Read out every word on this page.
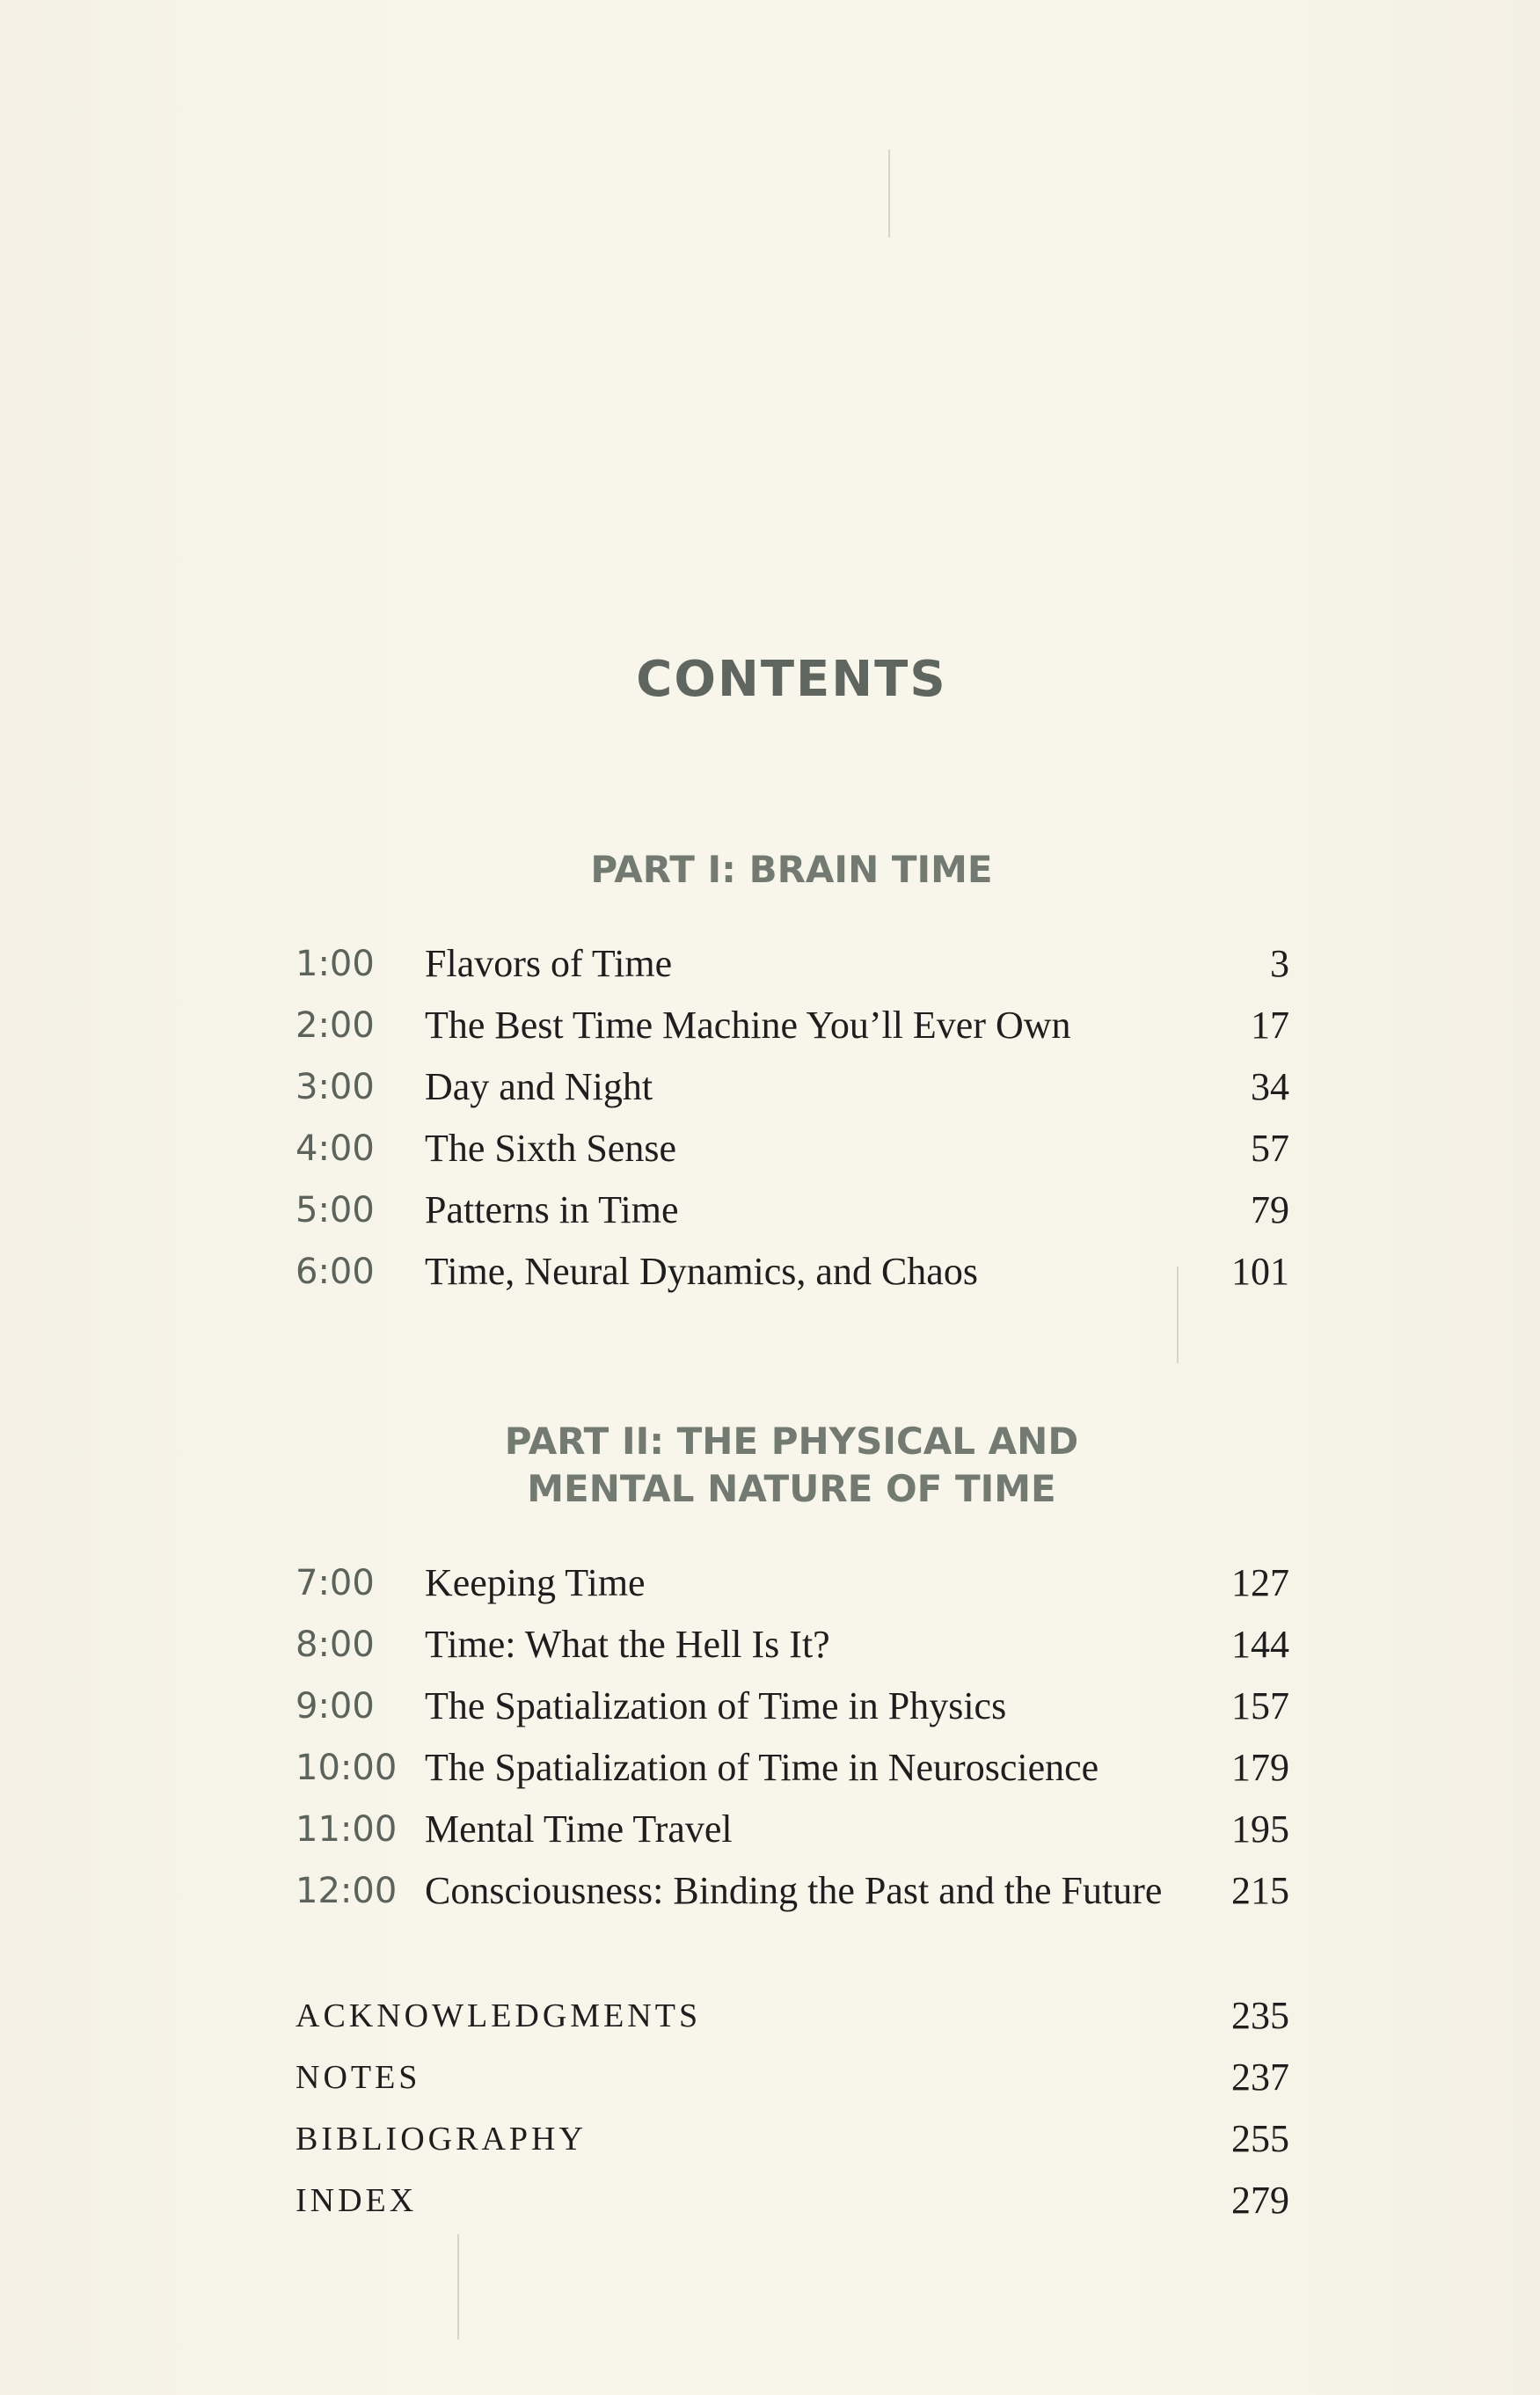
CONTENTS
PART I: BRAIN TIME
1:00 Flavors of Time	3
2:00 The Best Time Machine You’ll Ever Own	17
3:00 Day and Night	34
4:00 The Sixth Sense	57
5:00 Patterns in Time	79
6:00 Time, Neural Dynamics, and Chaos	101
PART II: THE PHYSICAL AND
MENTAL NATURE OF TIME
7:00 Keeping Time	127
8:00 Time: What the Hell Is It?	144
9:00 The Spatialization of Time in Physics	157
10:00 The Spatialization of Time in Neuroscience	179
11:00 Mental Time Travel	195
12:00 Consciousness: Binding the Past and the Future 215
ACKNOWLEDGMENTS	235
NOTES	237
BIBLIOGRAPHY	255
INDEX	279
